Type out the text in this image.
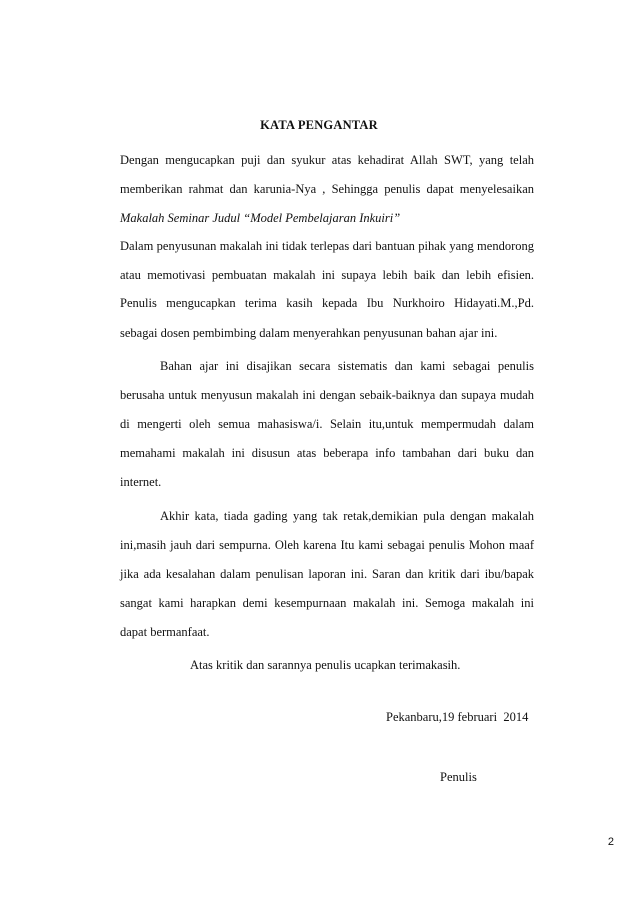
KATA PENGANTAR
Dengan mengucapkan puji dan syukur atas kehadirat Allah SWT, yang telah
memberikan rahmat dan karunia-Nya , Sehingga penulis dapat menyelesaikan
Makalah Seminar Judul “Model Pembelajaran Inkuiri”
Dalam penyusunan makalah ini tidak terlepas dari bantuan pihak yang mendorong
atau memotivasi pembuatan makalah ini supaya lebih baik dan lebih efisien.
Penulis mengucapkan terima kasih kepada Ibu Nurkhoiro Hidayati.M.,Pd.
sebagai dosen pembimbing dalam menyerahkan penyusunan bahan ajar ini.
Bahan ajar ini disajikan secara sistematis dan kami sebagai penulis
berusaha untuk menyusun makalah ini dengan sebaik-baiknya dan supaya mudah
di mengerti oleh semua mahasiswa/i. Selain itu,untuk mempermudah dalam
memahami makalah ini disusun atas beberapa info tambahan dari buku dan
internet.
Akhir kata, tiada gading yang tak retak,demikian pula dengan makalah
ini,masih jauh dari sempurna. Oleh karena Itu kami sebagai penulis Mohon maaf
jika ada kesalahan dalam penulisan laporan ini. Saran dan kritik dari ibu/bapak
sangat kami harapkan demi kesempurnaan makalah ini. Semoga makalah ini
dapat bermanfaat.
Atas kritik dan sarannya penulis ucapkan terimakasih.
Pekanbaru,19 februari  2014
Penulis
2
